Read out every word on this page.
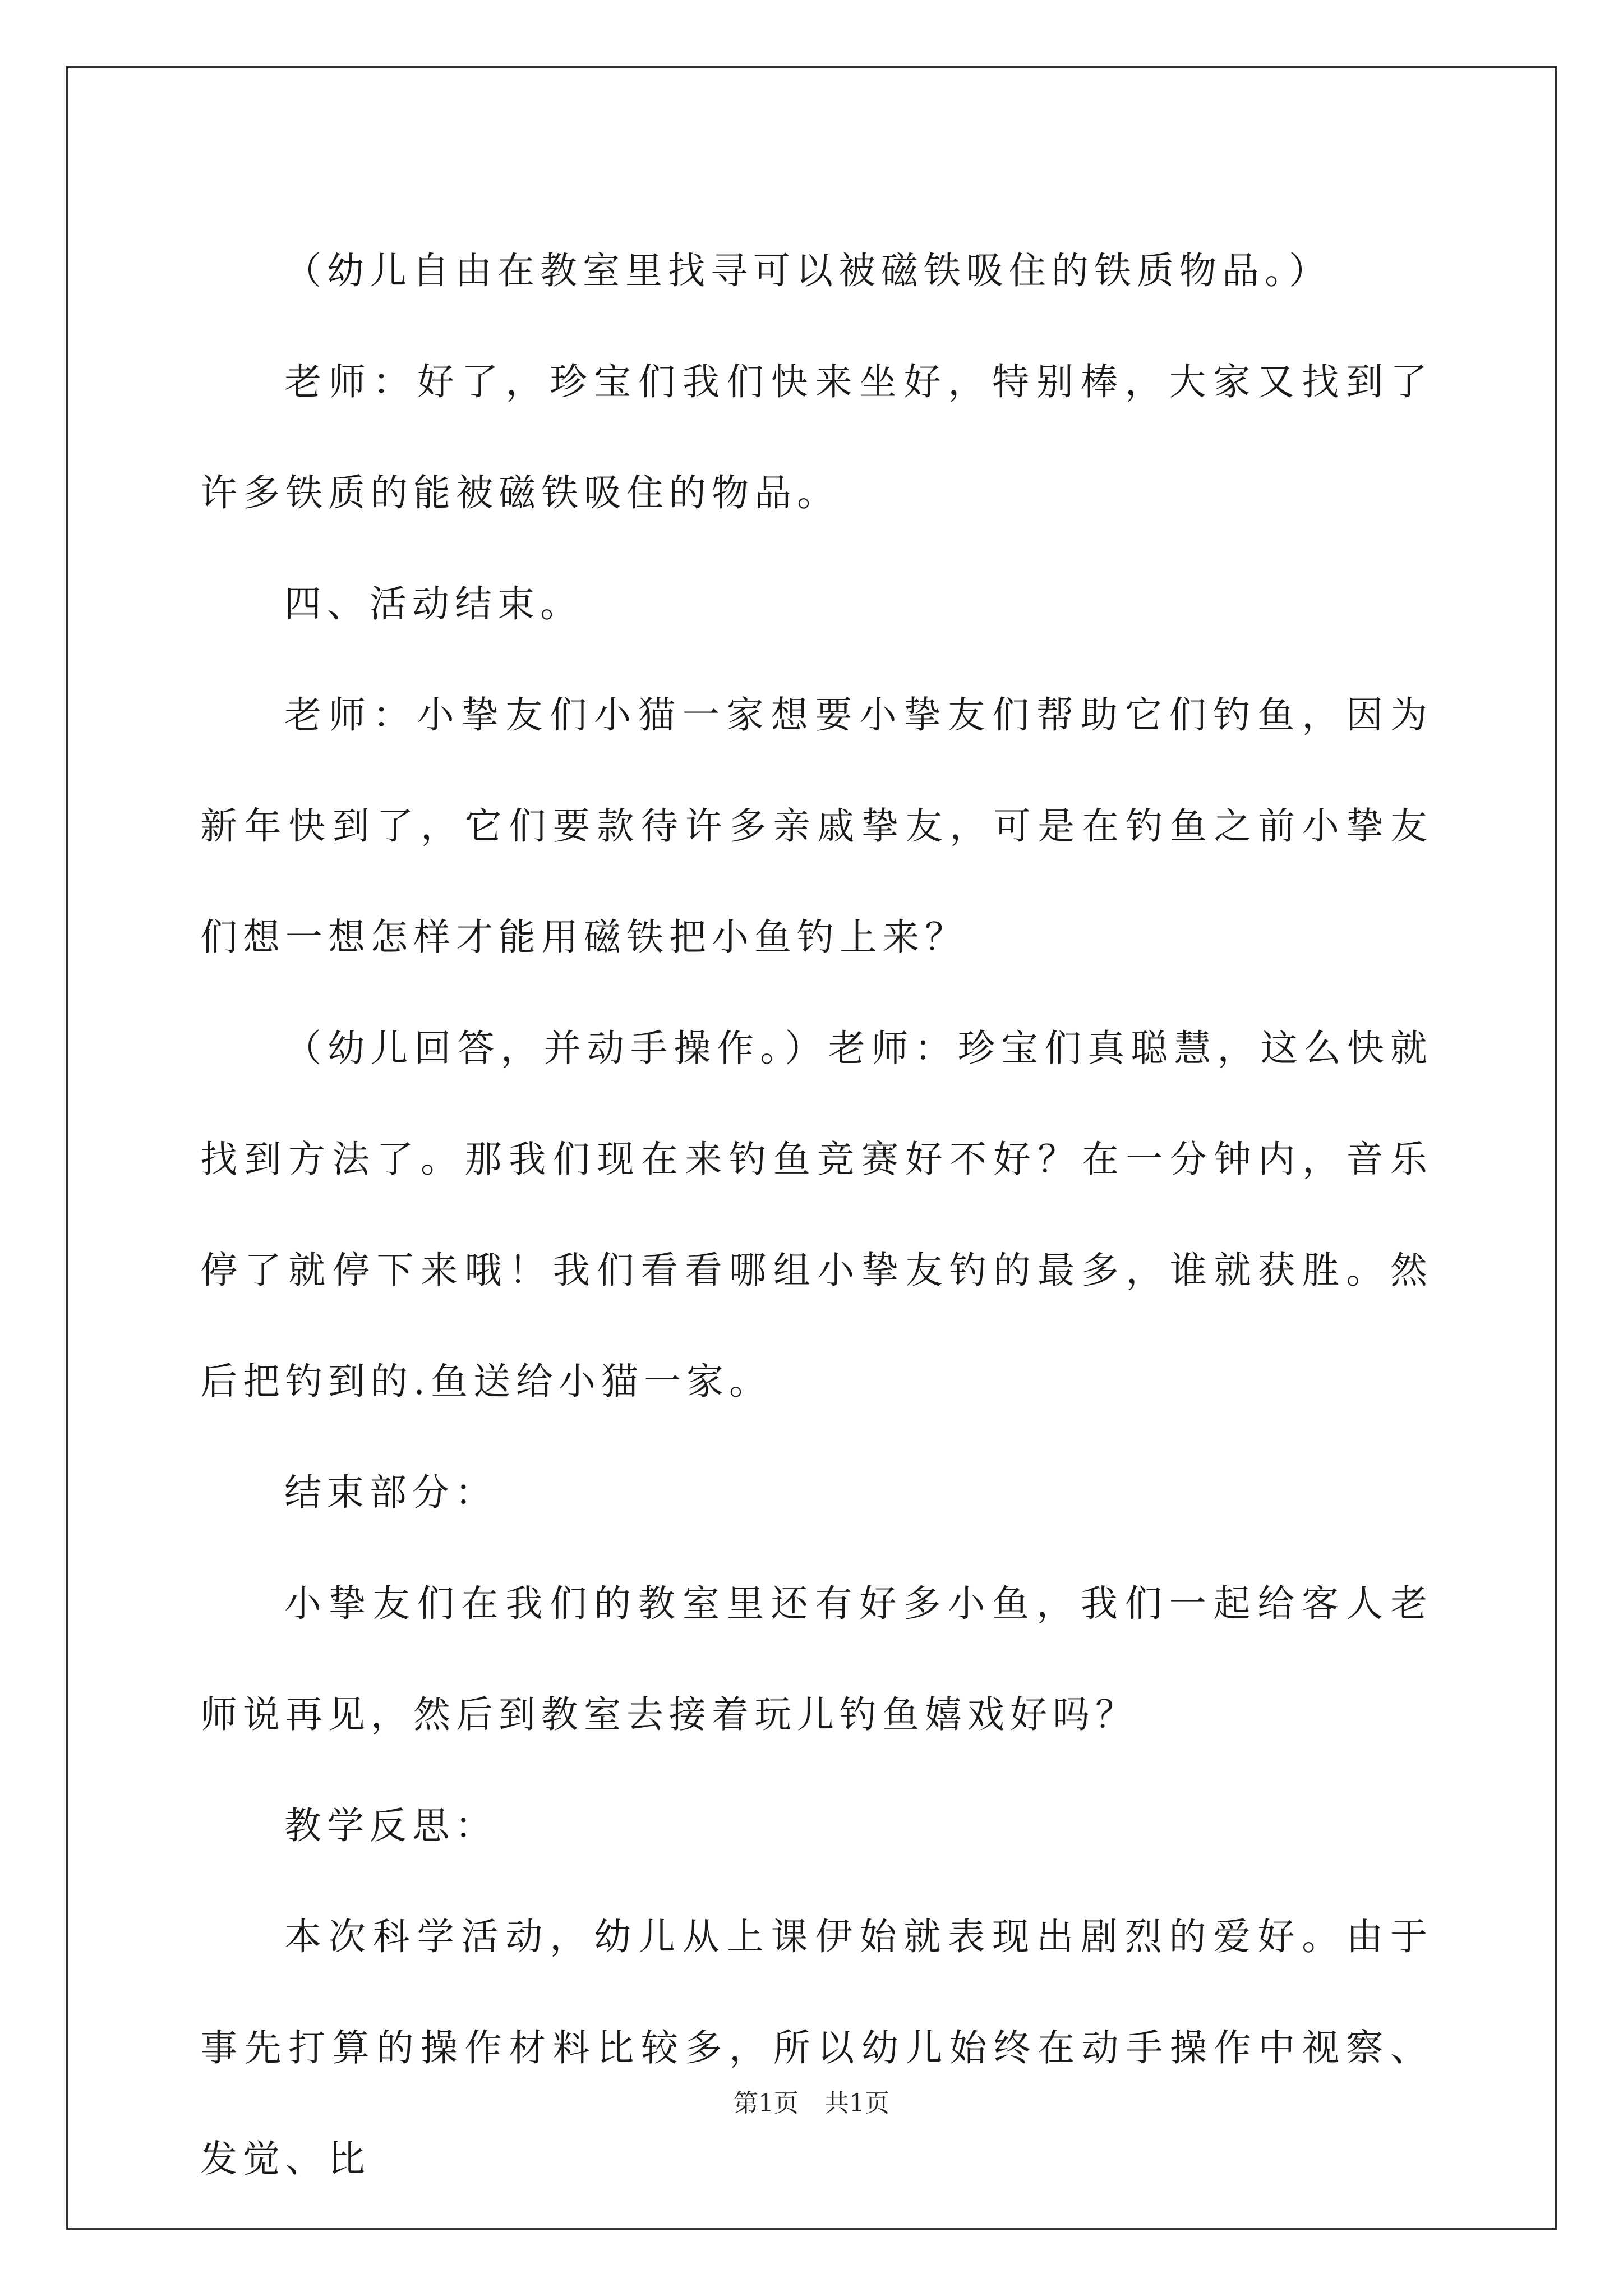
（幼儿自由在教室里找寻可以被磁铁吸住的铁质物品。）

老师：好了，珍宝们我们快来坐好，特别棒，大家又找到了许多铁质的能被磁铁吸住的物品。

四、活动结束。

老师：小挚友们小猫一家想要小挚友们帮助它们钓鱼，因为新年快到了，它们要款待许多亲戚挚友，可是在钓鱼之前小挚友们想一想怎样才能用磁铁把小鱼钓上来？

（幼儿回答，并动手操作。）老师：珍宝们真聪慧，这么快就找到方法了。那我们现在来钓鱼竞赛好不好？在一分钟内，音乐停了就停下来哦！我们看看哪组小挚友钓的最多，谁就获胜。然后把钓到的.鱼送给小猫一家。

结束部分：

小挚友们在我们的教室里还有好多小鱼，我们一起给客人老师说再见，然后到教室去接着玩儿钓鱼嬉戏好吗？

教学反思：

本次科学活动，幼儿从上课伊始就表现出剧烈的爱好。由于事先打算的操作材料比较多，所以幼儿始终在动手操作中视察、发觉、比

第1页 共1页
